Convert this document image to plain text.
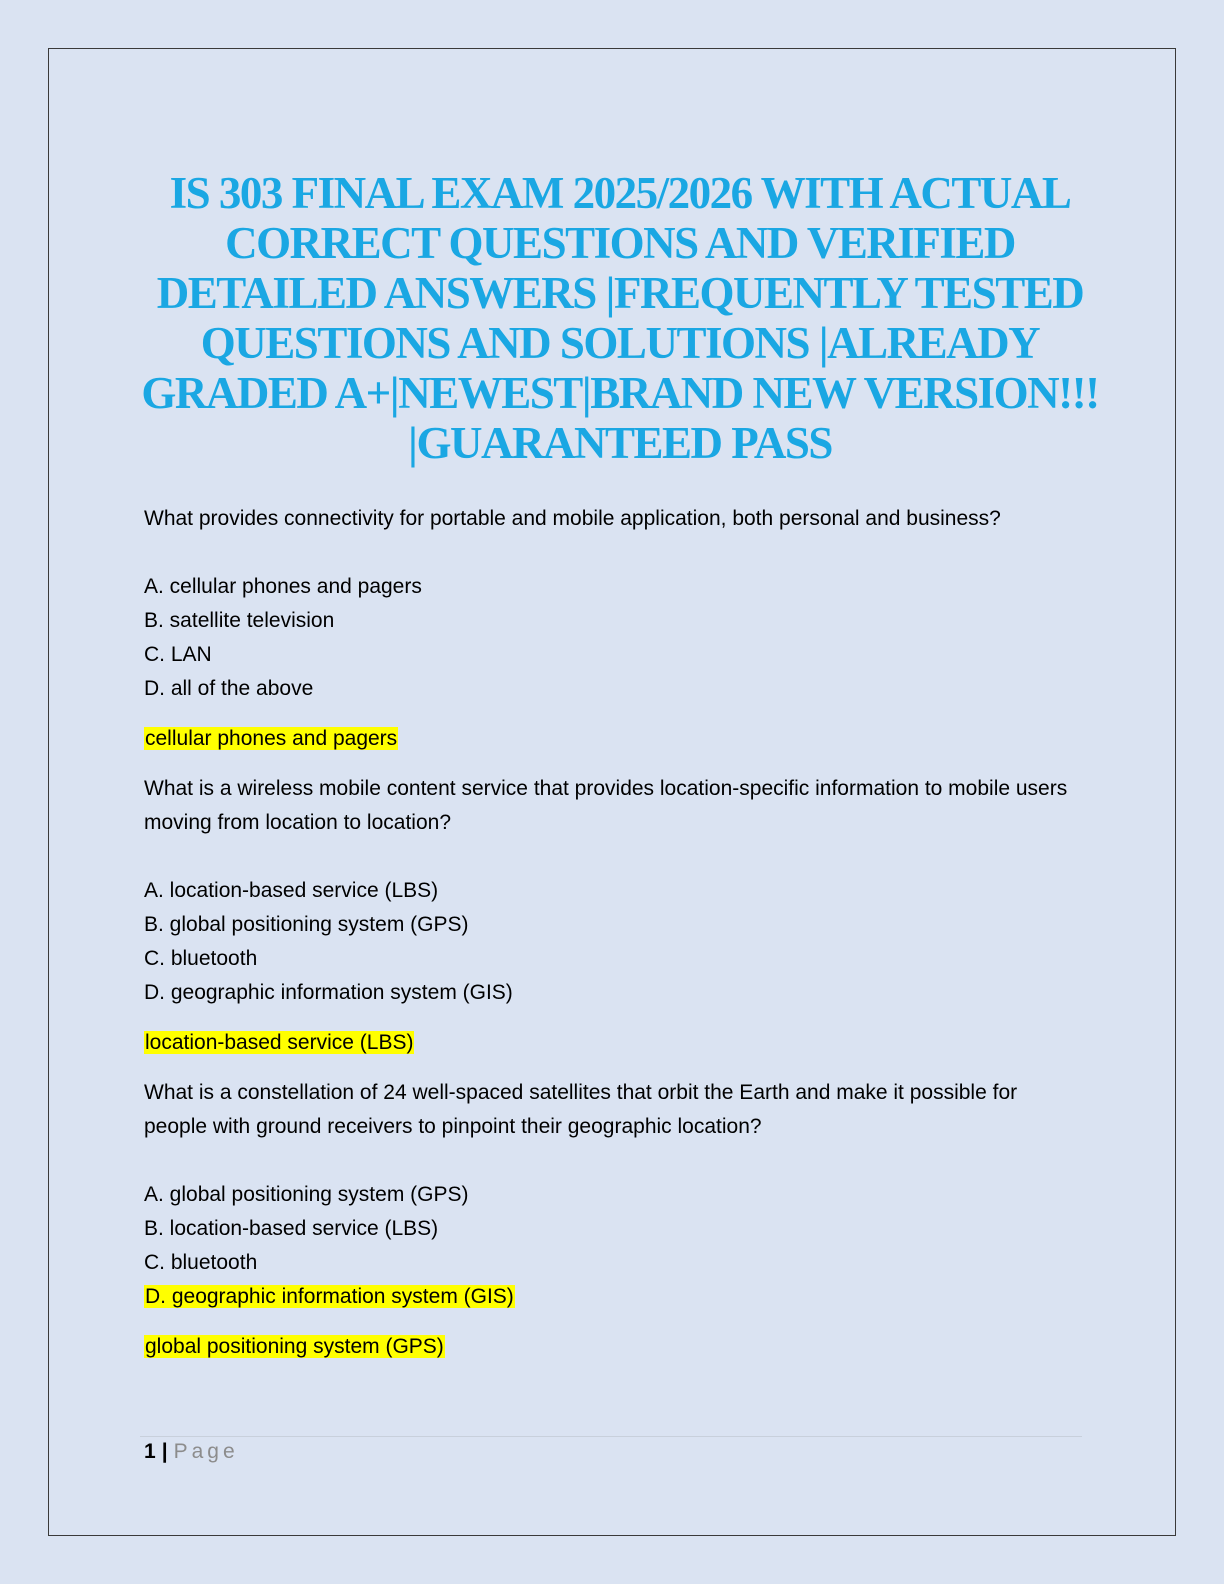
IS 303 FINAL EXAM 2025/2026 WITH ACTUAL CORRECT QUESTIONS AND VERIFIED DETAILED ANSWERS |FREQUENTLY TESTED QUESTIONS AND SOLUTIONS |ALREADY GRADED A+|NEWEST|BRAND NEW VERSION!!! |GUARANTEED PASS

What provides connectivity for portable and mobile application, both personal and business?

A. cellular phones and pagers

B. satellite television

C. LAN

D. all of the above

cellular phones and pagers

What is a wireless mobile content service that provides location-specific information to mobile users moving from location to location?

A. location-based service (LBS)

B. global positioning system (GPS)

C. bluetooth

D. geographic information system (GIS)

location-based service (LBS)

What is a constellation of 24 well-spaced satellites that orbit the Earth and make it possible for people with ground receivers to pinpoint their geographic location?

A. global positioning system (GPS)

B. location-based service (LBS)

C. bluetooth

D. geographic information system (GIS)

global positioning system (GPS)
1 | Page
